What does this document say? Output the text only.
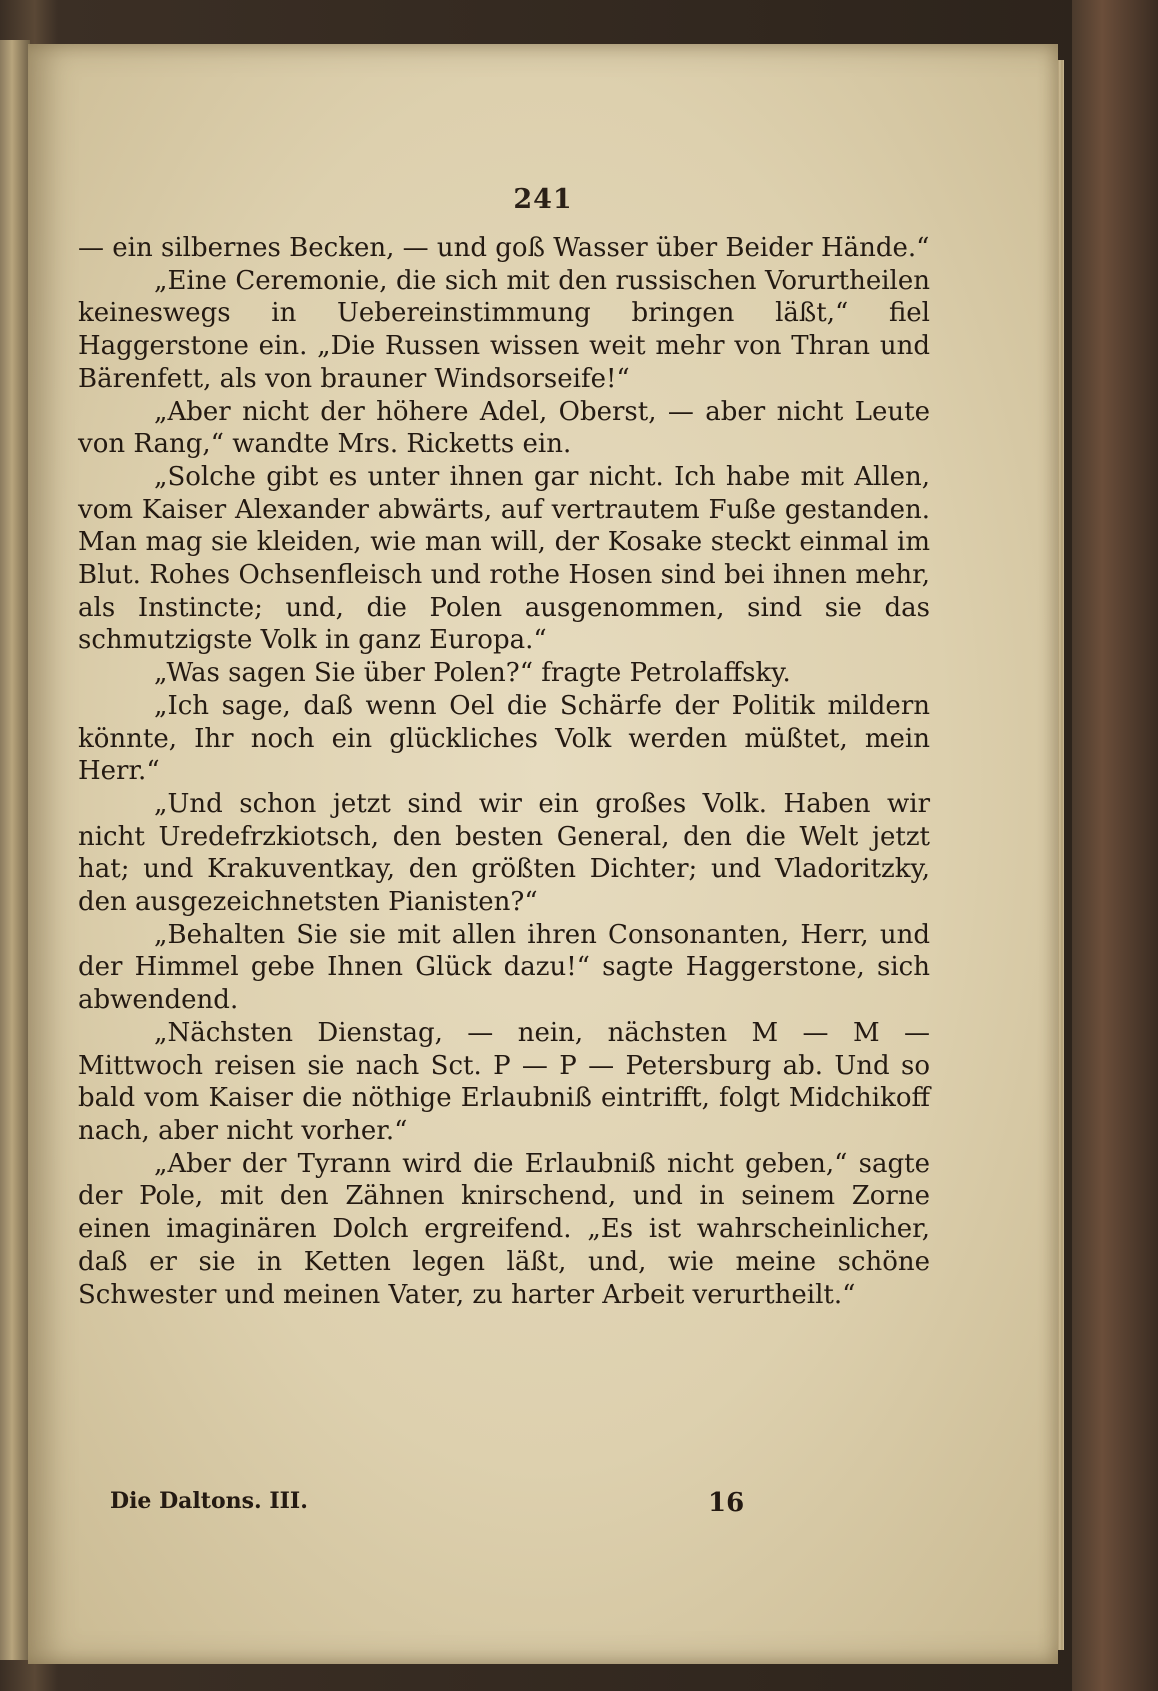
241

— ein silbernes Becken, — und goß Wasser über Beider Hände.“

„Eine Ceremonie, die sich mit den russischen Vorurtheilen keineswegs in Uebereinstimmung bringen läßt,“ fiel Haggerstone ein. „Die Russen wissen weit mehr von Thran und Bärenfett, als von brauner Windsorseife!“

„Aber nicht der höhere Adel, Oberst, — aber nicht Leute von Rang,“ wandte Mrs. Ricketts ein.

„Solche gibt es unter ihnen gar nicht. Ich habe mit Allen, vom Kaiser Alexander abwärts, auf vertrautem Fuße gestanden. Man mag sie kleiden, wie man will, der Kosake steckt einmal im Blut. Rohes Ochsenfleisch und rothe Hosen sind bei ihnen mehr, als Instincte; und, die Polen ausgenommen, sind sie das schmutzigste Volk in ganz Europa.“

„Was sagen Sie über Polen?“ fragte Petrolaffsky.

„Ich sage, daß wenn Oel die Schärfe der Politik mildern könnte, Ihr noch ein glückliches Volk werden müßtet, mein Herr.“

„Und schon jetzt sind wir ein großes Volk. Haben wir nicht Uredefrzkiotsch, den besten General, den die Welt jetzt hat; und Krakuventkay, den größten Dichter; und Vladoritzky, den ausgezeichnetsten Pianisten?“

„Behalten Sie sie mit allen ihren Consonanten, Herr, und der Himmel gebe Ihnen Glück dazu!“ sagte Haggerstone, sich abwendend.

„Nächsten Dienstag, — nein, nächsten M — M — Mittwoch reisen sie nach Sct. P — P — Petersburg ab. Und so bald vom Kaiser die nöthige Erlaubniß eintrifft, folgt Midchikoff nach, aber nicht vorher.“

„Aber der Tyrann wird die Erlaubniß nicht geben,“ sagte der Pole, mit den Zähnen knirschend, und in seinem Zorne einen imaginären Dolch ergreifend. „Es ist wahrscheinlicher, daß er sie in Ketten legen läßt, und, wie meine schöne Schwester und meinen Vater, zu harter Arbeit verurtheilt.“

Die Daltons. III.	16
